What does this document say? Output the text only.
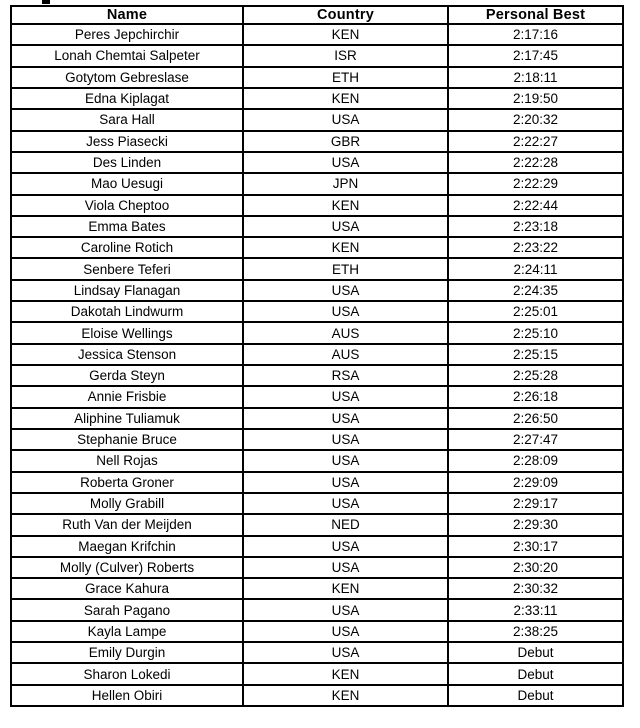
Name	Country	Personal Best
Peres Jepchirchir	KEN	2:17:16
Lonah Chemtai Salpeter	ISR	2:17:45
Gotytom Gebreslase	ETH	2:18:11
Edna Kiplagat	KEN	2:19:50
Sara Hall	USA	2:20:32
Jess Piasecki	GBR	2:22:27
Des Linden	USA	2:22:28
Mao Uesugi	JPN	2:22:29
Viola Cheptoo	KEN	2:22:44
Emma Bates	USA	2:23:18
Caroline Rotich	KEN	2:23:22
Senbere Teferi	ETH	2:24:11
Lindsay Flanagan	USA	2:24:35
Dakotah Lindwurm	USA	2:25:01
Eloise Wellings	AUS	2:25:10
Jessica Stenson	AUS	2:25:15
Gerda Steyn	RSA	2:25:28
Annie Frisbie	USA	2:26:18
Aliphine Tuliamuk	USA	2:26:50
Stephanie Bruce	USA	2:27:47
Nell Rojas	USA	2:28:09
Roberta Groner	USA	2:29:09
Molly Grabill	USA	2:29:17
Ruth Van der Meijden	NED	2:29:30
Maegan Krifchin	USA	2:30:17
Molly (Culver) Roberts	USA	2:30:20
Grace Kahura	KEN	2:30:32
Sarah Pagano	USA	2:33:11
Kayla Lampe	USA	2:38:25
Emily Durgin	USA	Debut
Sharon Lokedi	KEN	Debut
Hellen Obiri	KEN	Debut
